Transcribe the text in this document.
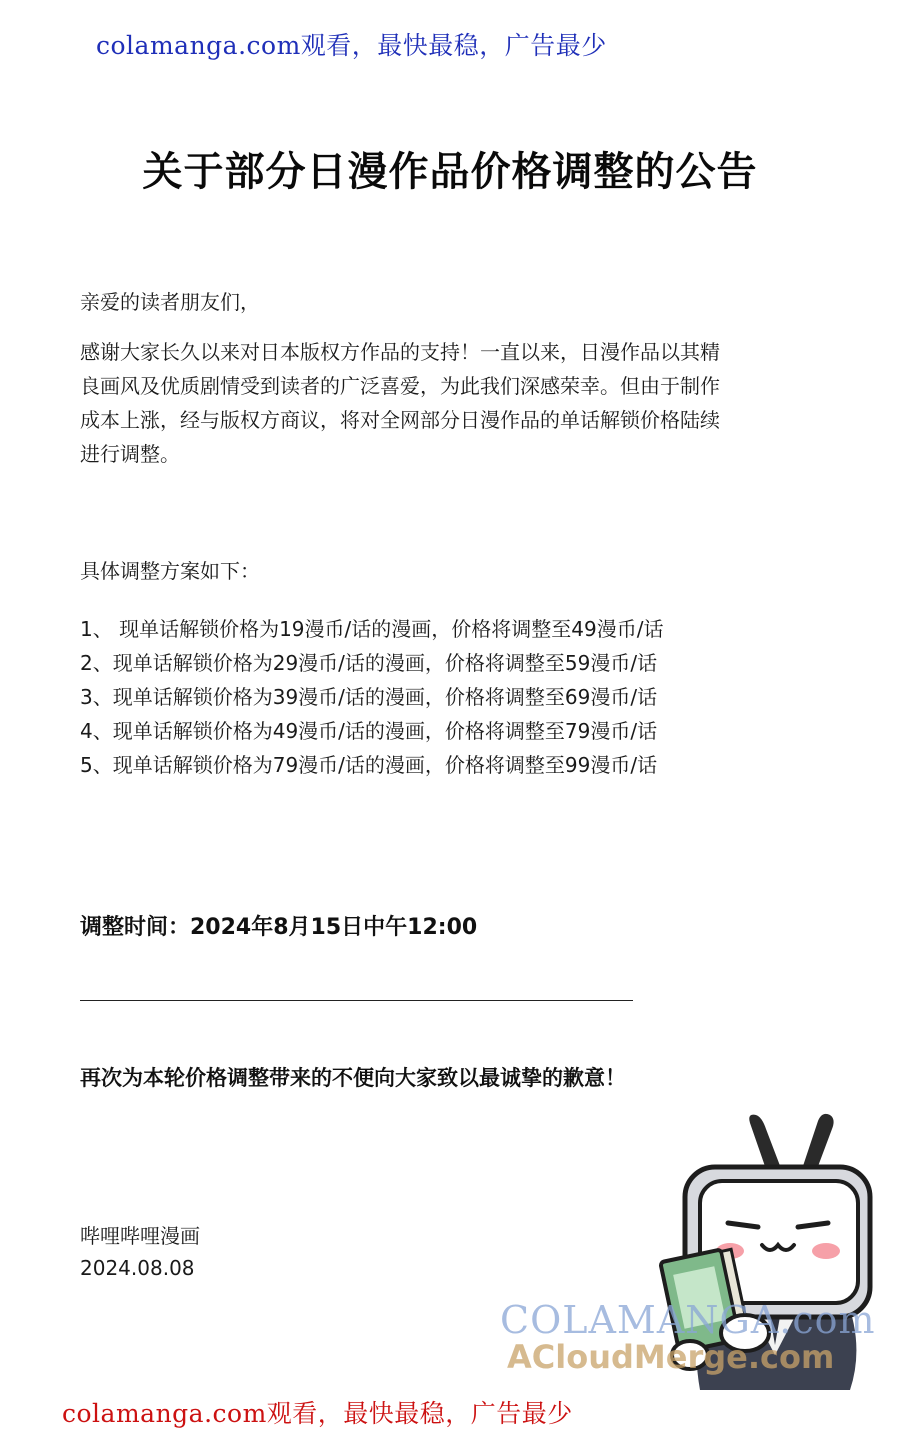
colamanga.com观看，最快最稳，广告最少
关于部分日漫作品价格调整的公告
亲爱的读者朋友们，

感谢大家长久以来对日本版权方作品的支持！一直以来，日漫作品以其精
良画风及优质剧情受到读者的广泛喜爱，为此我们深感荣幸。但由于制作
成本上涨，经与版权方商议，将对全网部分日漫作品的单话解锁价格陆续
进行调整。

具体调整方案如下：
1、 现单话解锁价格为19漫币/话的漫画，价格将调整至49漫币/话
2、现单话解锁价格为29漫币/话的漫画，价格将调整至59漫币/话
3、现单话解锁价格为39漫币/话的漫画，价格将调整至69漫币/话
4、现单话解锁价格为49漫币/话的漫画，价格将调整至79漫币/话
5、现单话解锁价格为79漫币/话的漫画，价格将调整至99漫币/话
调整时间：2024年8月15日中午12:00
再次为本轮价格调整带来的不便向大家致以最诚挚的歉意！
哔哩哔哩漫画
2024.08.08
COLAMANGA.com
ACloudMerge.com
colamanga.com观看，最快最稳，广告最少
